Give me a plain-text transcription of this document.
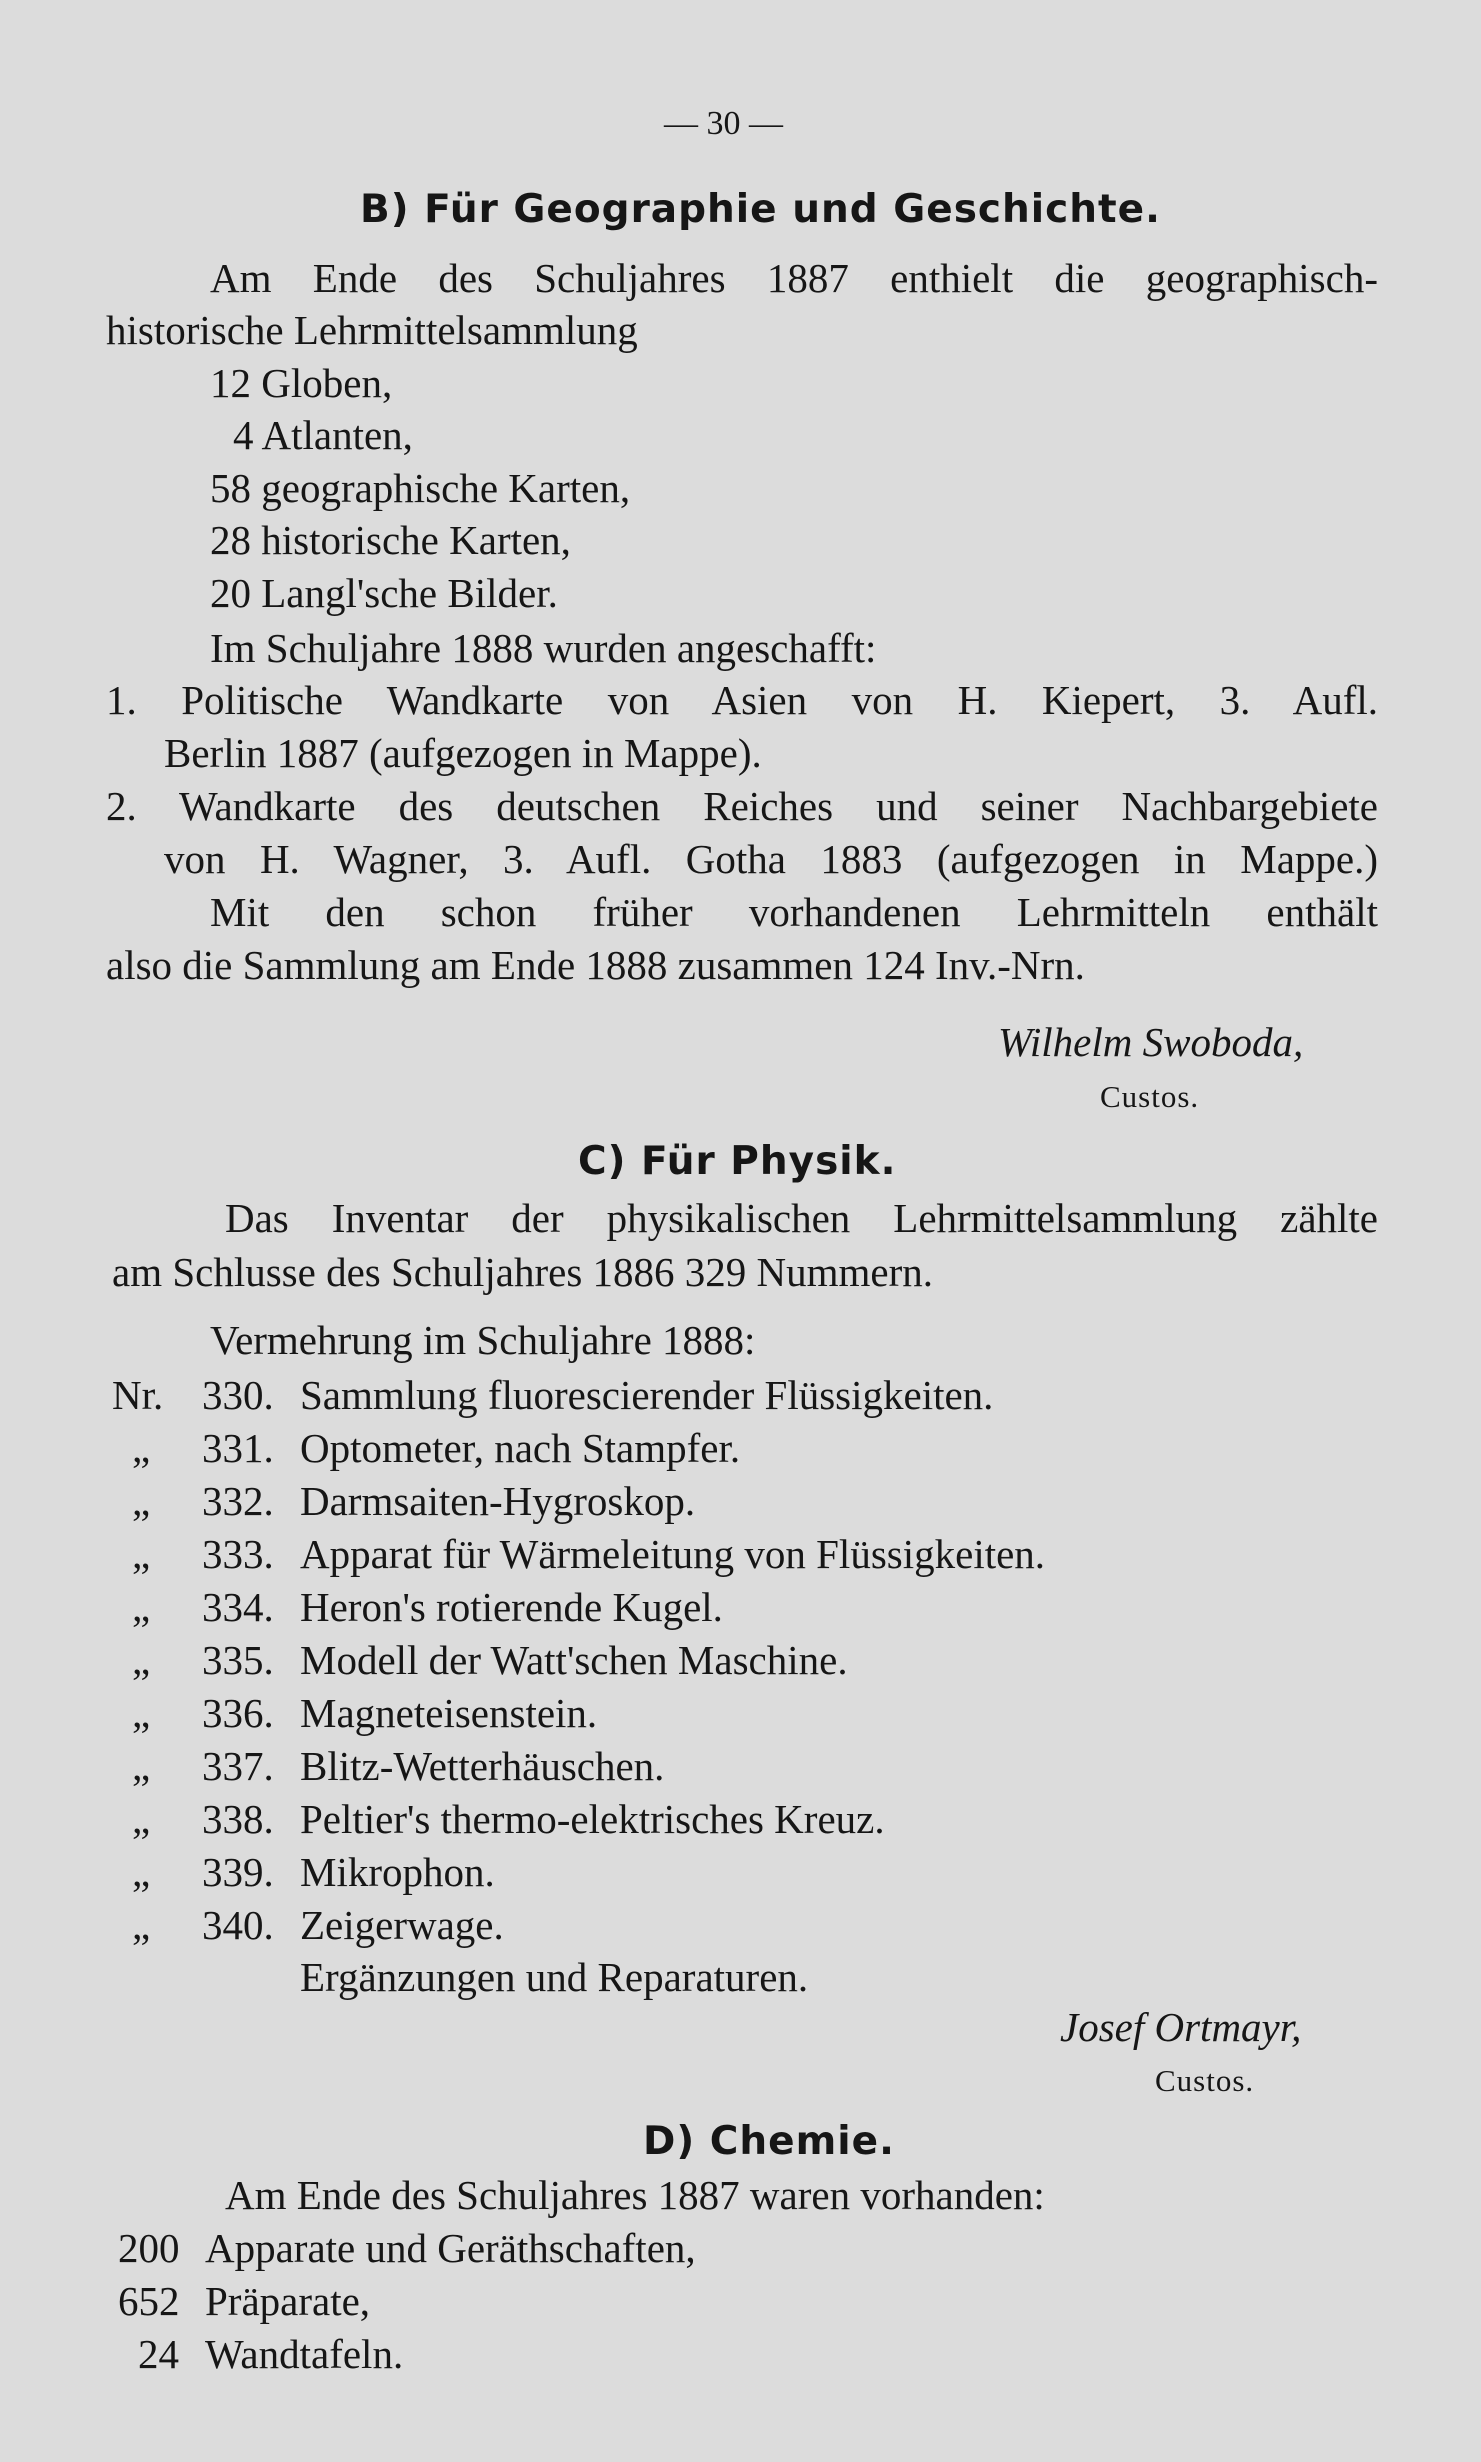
— 30 —

B) Für Geographie und Geschichte.

Am Ende des Schuljahres 1887 enthielt die geographisch-

historische Lehrmittelsammlung

12 Globen,

4 Atlanten,

58 geographische Karten,

28 historische Karten,

20 Langl'sche Bilder.

Im Schuljahre 1888 wurden angeschafft:

1. Politische Wandkarte von Asien von H. Kiepert, 3. Aufl.

Berlin 1887 (aufgezogen in Mappe).

2. Wandkarte des deutschen Reiches und seiner Nachbargebiete

von H. Wagner, 3. Aufl. Gotha 1883 (aufgezogen in Mappe.)

Mit den schon früher vorhandenen Lehrmitteln enthält

also die Sammlung am Ende 1888 zusammen 124 Inv.-Nrn.

Wilhelm Swoboda,

Custos.

C) Für Physik.

Das Inventar der physikalischen Lehrmittelsammlung zählte

am Schlusse des Schuljahres 1886 329 Nummern.

Vermehrung im Schuljahre 1888:

Nr. 330. Sammlung fluorescierender Flüssigkeiten.

„ 331. Optometer, nach Stampfer.

„ 332. Darmsaiten-Hygroskop.

„ 333. Apparat für Wärmeleitung von Flüssigkeiten.

„ 334. Heron's rotierende Kugel.

„ 335. Modell der Watt'schen Maschine.

„ 336. Magneteisenstein.

„ 337. Blitz-Wetterhäuschen.

„ 338. Peltier's thermo-elektrisches Kreuz.

„ 339. Mikrophon.

„ 340. Zeigerwage.

Ergänzungen und Reparaturen.

Josef Ortmayr,

Custos.

D) Chemie.

Am Ende des Schuljahres 1887 waren vorhanden:

200 Apparate und Geräthschaften,

652 Präparate,

24 Wandtafeln.
